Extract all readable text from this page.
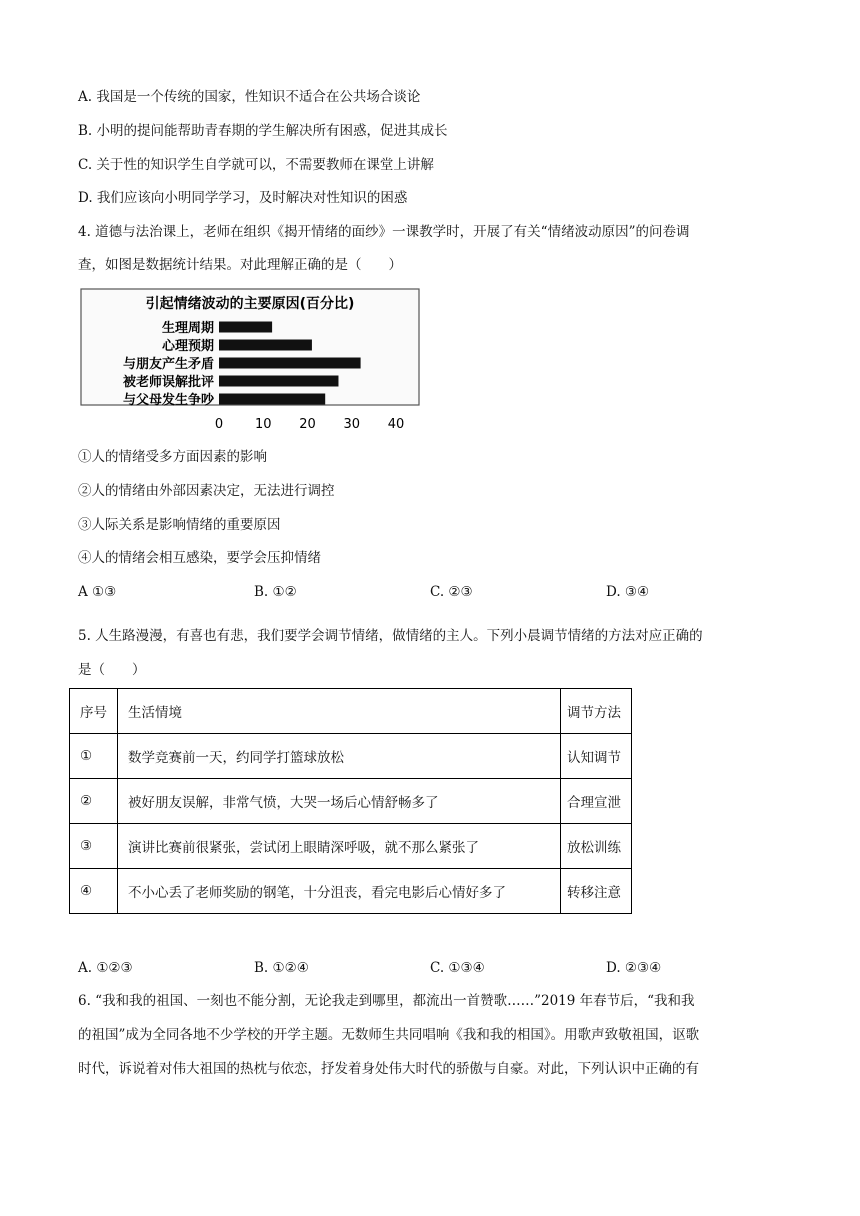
A. 我国是一个传统的国家，性知识不适合在公共场合谈论
B. 小明的提问能帮助青春期的学生解决所有困惑，促进其成长
C. 关于性的知识学生自学就可以，不需要教师在课堂上讲解
D. 我们应该向小明同学学习，及时解决对性知识的困惑
4. 道德与法治课上，老师在组织《揭开情绪的面纱》一课教学时，开展了有关“情绪波动原因”的问卷调
查，如图是数据统计结果。对此理解正确的是（　　）
引起情绪波动的主要原因(百分比)
生理周期
心理预期
与朋友产生矛盾
被老师误解批评
与父母发生争吵
0 10 20 30 40
①人的情绪受多方面因素的影响
②人的情绪由外部因素决定，无法进行调控
③人际关系是影响情绪的重要原因
④人的情绪会相互感染，要学会压抑情绪
A ①③	B. ①②	C. ②③	D. ③④
5. 人生路漫漫，有喜也有悲，我们要学会调节情绪，做情绪的主人。下列小晨调节情绪的方法对应正确的
是（　　）
序号	生活情境	调节方法
①	数学竞赛前一天，约同学打篮球放松	认知调节
②	被好朋友误解，非常气愤，大哭一场后心情舒畅多了	合理宣泄
③	演讲比赛前很紧张，尝试闭上眼睛深呼吸，就不那么紧张了	放松训练
④	不小心丢了老师奖励的钢笔，十分沮丧，看完电影后心情好多了	转移注意
A. ①②③	B. ①②④	C. ①③④	D. ②③④
6. “我和我的祖国、一刻也不能分割，无论我走到哪里，都流出一首赞歌……”2019 年春节后，“我和我
的祖国”成为全同各地不少学校的开学主题。无数师生共同唱响《我和我的相国》。用歌声致敬祖国，讴歌
时代，诉说着对伟大祖国的热枕与依恋，抒发着身处伟大时代的骄傲与自豪。对此，下列认识中正确的有
